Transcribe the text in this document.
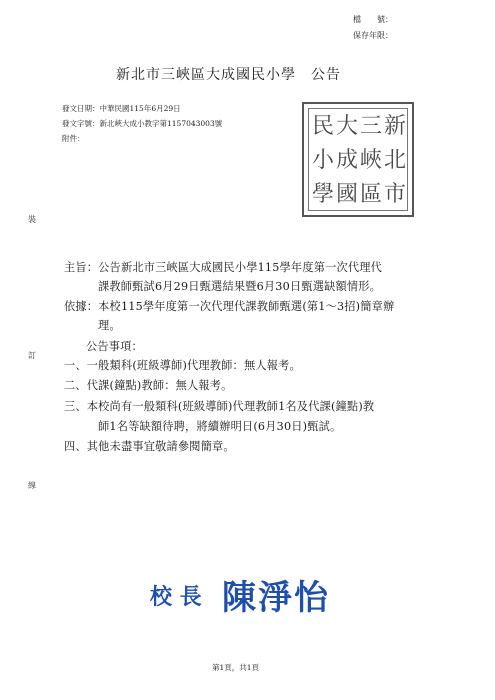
檔　　號：
保存年限：
新北市三峽區大成國民小學　公告
發文日期：中華民國115年6月29日
發文字號：新北峽大成小教字第1157043003號
附件：	新北市
三峽區
大成國
民小學
裝
訂
線
主旨：公告新北市三峽區大成國民小學115學年度第一次代理代
課教師甄試6月29日甄選結果暨6月30日甄選缺額情形。
依據：本校115學年度第一次代理代課教師甄選(第1～3招)簡章辦
理。
公告事項：
一、一般類科(班級導師)代理教師：無人報考。
二、代課(鐘點)教師：無人報考。
三、本校尚有一般類科(班級導師)代理教師1名及代課(鐘點)教
師1名等缺額待聘，將續辦明日(6月30日)甄試。
四、其他未盡事宜敬請參閱簡章。
校 長 陳淨怡
第1頁，共1頁
